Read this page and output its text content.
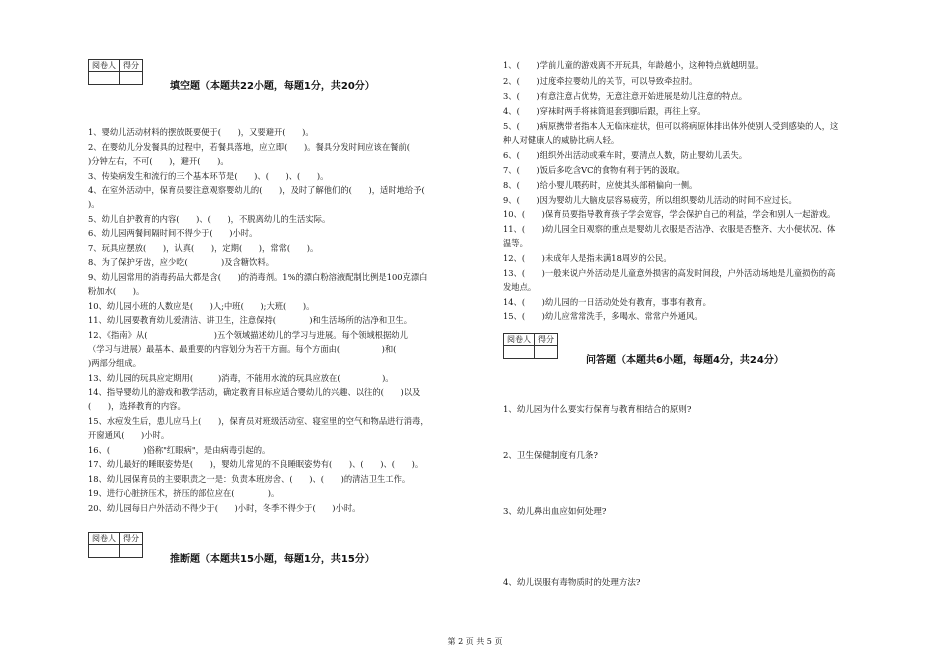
阅卷人	得分

填空题（本题共22小题，每题1分，共20分）
1、婴幼儿活动材料的摆放既要便于(　　)，又要避开(　　)。
2、在婴幼儿分发餐具的过程中，若餐具落地，应立即(　　)。餐具分发时间应该在餐前(
)分钟左右，不可(　　)，避开(　　)。
3、传染病发生和流行的三个基本环节是(　　)、(　　)、(　　)。
4、在室外活动中，保育员要注意观察婴幼儿的(　　)，及时了解他们的(　　)，适时地给予(
)。
5、幼儿自护教育的内容(　　)、(　　)，不脱离幼儿的生活实际。
6、幼儿园两餐间隔时间不得少于(　　)小时。
7、玩具应摆放(　　)，认真(　　)，定期(　　)，常常(　　)。
8、为了保护牙齿，应少吃(　　　　)及含糖饮料。
9、幼儿园常用的消毒药品大都是含(　　)的消毒剂。1%的漂白粉溶液配制比例是100克漂白
粉加水(　　)。
10、幼儿园小班的人数应是(　　)人;中班(　　);大班(　　)。
11、幼儿园要教育幼儿爱清洁、讲卫生，注意保持(　　　　)和生活场所的洁净和卫生。
12、《指南》从(　　　　　　　　)五个领域描述幼儿的学习与进展。每个领域根据幼儿
（学习与进展）最基本、最重要的内容划分为若干方面。每个方面由(　　　　　)和(
)两部分组成。
13、幼儿园的玩具应定期用(　　　)消毒，不能用水流的玩具应放在(　　　　　)。
14、指导婴幼儿的游戏和教学活动，确定教育目标应适合婴幼儿的兴趣、以往的(　　)以及
(　　)，选择教育的内容。
15、水痘发生后，患儿应马上(　　)，保育员对班级活动室、寝室里的空气和物品进行消毒，
开窗通风(　　)小时。
16、(　　　　)俗称"红眼病"，是由病毒引起的。
17、幼儿最好的睡眠姿势是(　　)，婴幼儿常见的不良睡眠姿势有(　　)、(　　)、(　　)。
18、幼儿园保育员的主要职责之一是：负责本班房舍、(　　)、(　　)的清洁卫生工作。
19、进行心脏挤压术，挤压的部位应在(　　　　)。
20、幼儿园每日户外活动不得少于(　　)小时，冬季不得少于(　　)小时。
阅卷人	得分

推断题（本题共15小题，每题1分，共15分）
1、(　　)学前儿童的游戏离不开玩具，年龄越小，这种特点就越明显。
2、(　　)过度牵拉婴幼儿的关节，可以导致牵拉肘。
3、(　　)有意注意占优势，无意注意开始进展是幼儿注意的特点。
4、(　　)穿袜时两手将袜筒退套到脚后跟，再往上穿。
5、(　　)病原携带者指本人无临床症状，但可以将病原体排出体外使别人受到感染的人，这
种人对健康人的威胁比病人轻。
6、(　　)组织外出活动或乘车时，要清点人数，防止婴幼儿丢失。
7、(　　)饭后多吃含VC的食物有利于钙的汲取。
8、(　　)给小婴儿喂药时，应使其头部稍偏向一侧。
9、(　　)因为婴幼儿大脑皮层容易疲劳，所以组织婴幼儿活动的时间不应过长。
10、(　　)保育员要指导教育孩子学会宽容，学会保护自己的利益，学会和别人一起游戏。
11、(　　)幼儿园全日观察的重点是婴幼儿衣服是否洁净、衣服是否整齐、大小便状况、体
温等。
12、(　　)未成年人是指未满18周岁的公民。
13、(　　)一般来说户外活动是儿童意外损害的高发时间段，户外活动场地是儿童损伤的高
发地点。
14、(　　)幼儿园的一日活动处处有教育，事事有教育。
15、(　　)幼儿应常常洗手，多喝水、常常户外通风。
阅卷人	得分

问答题（本题共6小题，每题4分，共24分）
1、幼儿园为什么要实行保育与教育相结合的原则?
2、卫生保健制度有几条?
3、幼儿鼻出血应如何处理?
4、幼儿误服有毒物质时的处理方法?
第 2 页 共 5 页
